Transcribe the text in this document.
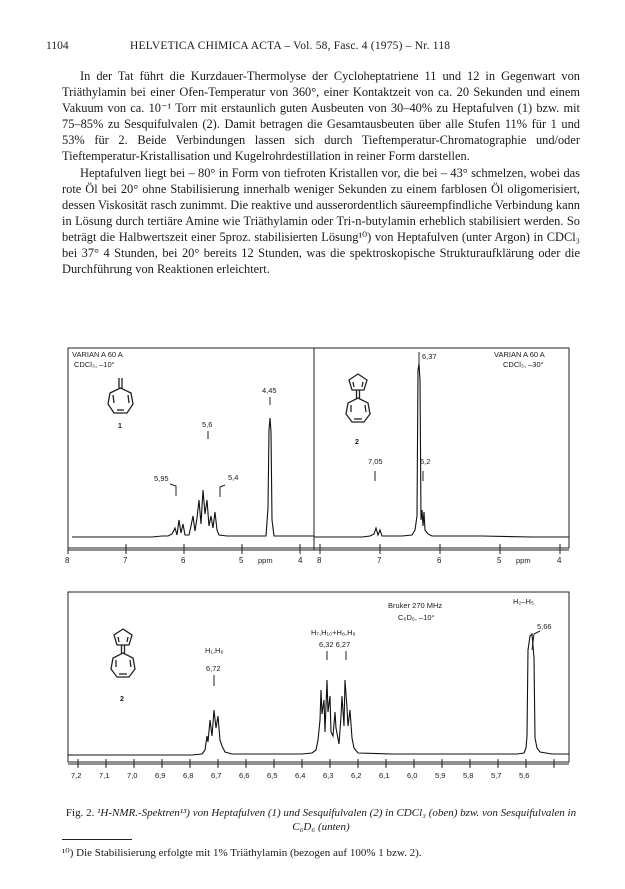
1104	HELVETICA CHIMICA ACTA – Vol. 58, Fasc. 4 (1975) – Nr. 118

In der Tat führt die Kurzdauer-Thermolyse der Cycloheptatriene 11 und 12 in Gegenwart von Triäthylamin bei einer Ofen-Temperatur von 360°, einer Kontaktzeit von ca. 20 Sekunden und einem Vakuum von ca. 10⁻¹ Torr mit erstaunlich guten Ausbeuten von 30–40% zu Heptafulven (1) bzw. mit 75–85% zu Sesquifulvalen (2). Damit betragen die Gesamtausbeuten über alle Stufen 11% für 1 und 53% für 2. Beide Verbindungen lassen sich durch Tieftemperatur-Chromatographie und/oder Tieftemperatur-Kristallisation und Kugelrohrdestillation in reiner Form darstellen.

Heptafulven liegt bei – 80° in Form von tiefroten Kristallen vor, die bei – 43° schmelzen, wobei das rote Öl bei 20° ohne Stabilisierung innerhalb weniger Sekunden zu einem farblosen Öl oligomerisiert, dessen Viskosität rasch zunimmt. Die reaktive und ausserordentlich säureempfindliche Verbindung kann in Lösung durch tertiäre Amine wie Triäthylamin oder Tri-n-butylamin erheblich stabilisiert werden. So beträgt die Halbwertszeit einer 5proz. stabilisierten Lösung¹⁰) von Heptafulven (unter Argon) in CDCl₃ bei 37° 4 Stunden, bei 20° bereits 12 Stunden, was die spektroskopische Strukturaufklärung oder die Durchführung von Reaktionen erleichtert.

VARIAN A 60 A
CDCl₃, –10°
1
4,45
5,6
5,95	5,4
VARIAN A 60 A
CDCl₃, –30°
6,37
2
7,05	6,2
8	7	6	5 ppm	4 8	7	6	5 ppm	4
Bruker 270 MHz
C₆D₆, –10°
H₂–H₅
5,66
H₇,H₁₀+H₈,H₉
6,32 6,27
H₁,H₆
6,72
2
7,2 7,1 7,0 6,9 6,8 6,7 6,6 6,5 6,4 6,3 6,2 6,1 6,0 5,9 5,8 5,7 5,6
Fig. 2. ¹H-NMR.-Spektren¹³) von Heptafulven (1) und Sesquifulvalen (2) in CDCl₃ (oben) bzw. von Sesquifulvalen in C₆D₆ (unten)
¹⁰) Die Stabilisierung erfolgte mit 1% Triäthylamin (bezogen auf 100% 1 bzw. 2).
